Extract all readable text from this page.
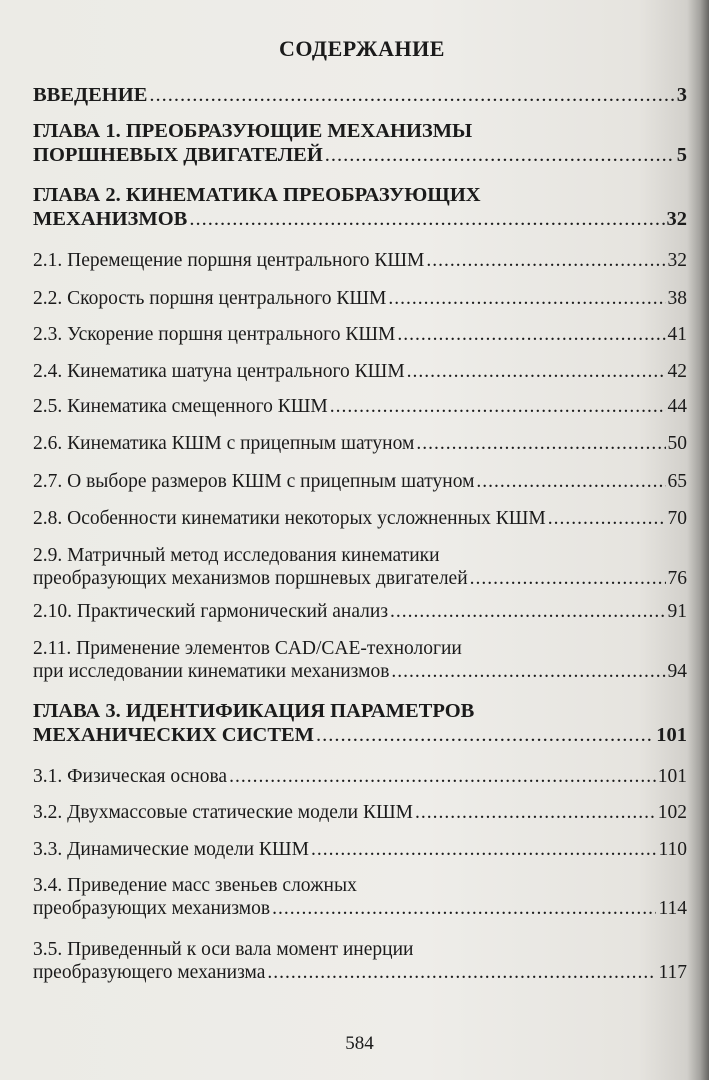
СОДЕРЖАНИЕ
ВВЕДЕНИЕ .....	3
ГЛАВА 1. ПРЕОБРАЗУЮЩИЕ МЕХАНИЗМЫ
ПОРШНЕВЫХ ДВИГАТЕЛЕЙ .....	5
ГЛАВА 2. КИНЕМАТИКА ПРЕОБРАЗУЮЩИХ
МЕХАНИЗМОВ .....	32
2.1. Перемещение поршня центрального КШМ .....	32
2.2. Скорость поршня центрального КШМ .....	38
2.3. Ускорение поршня центрального КШМ .....	41
2.4. Кинематика шатуна центрального КШМ .....	42
2.5. Кинематика смещенного КШМ .....	44
2.6. Кинематика КШМ с прицепным шатуном .....	50
2.7. О выборе размеров КШМ с прицепным шатуном .....	65
2.8. Особенности кинематики некоторых усложненных КШМ .....	70
2.9. Матричный метод исследования кинематики
преобразующих механизмов поршневых двигателей .....	76
2.10. Практический гармонический анализ .....	91
2.11. Применение элементов CAD/CAE-технологии
при исследовании кинематики механизмов .....	94
ГЛАВА 3. ИДЕНТИФИКАЦИЯ ПАРАМЕТРОВ
МЕХАНИЧЕСКИХ СИСТЕМ .....	101
3.1. Физическая основа .....	101
3.2. Двухмассовые статические модели КШМ .....	102
3.3. Динамические модели КШМ .....	110
3.4. Приведение масс звеньев сложных
преобразующих механизмов .....	114
3.5. Приведенный к оси вала момент инерции
преобразующего механизма .....	117
584
